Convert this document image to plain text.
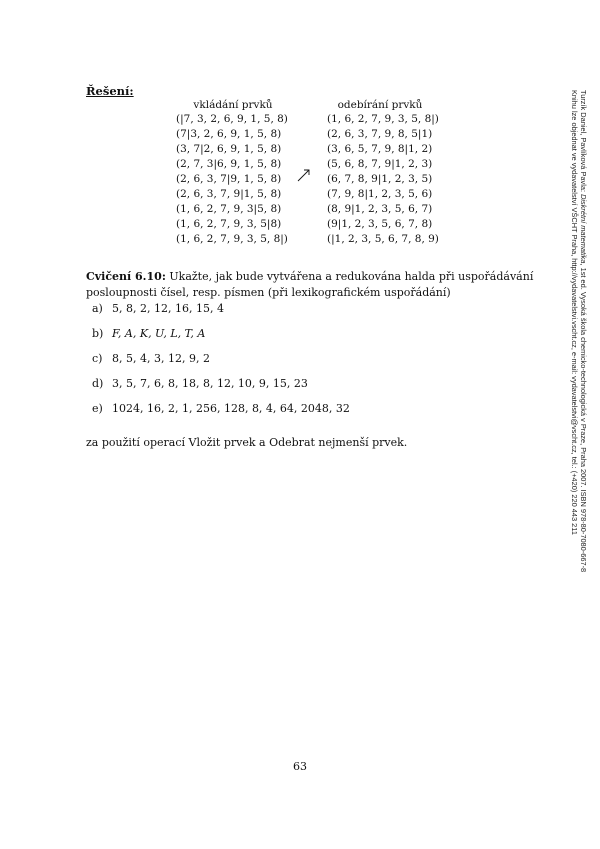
Řešení:
vkládání prvků	odebírání prvků
(|7, 3, 2, 6, 9, 1, 5, 8)
(7|3, 2, 6, 9, 1, 5, 8)
(3, 7|2, 6, 9, 1, 5, 8)
(2, 7, 3|6, 9, 1, 5, 8)
(2, 6, 3, 7|9, 1, 5, 8)
(2, 6, 3, 7, 9|1, 5, 8)
(1, 6, 2, 7, 9, 3|5, 8)
(1, 6, 2, 7, 9, 3, 5|8)
(1, 6, 2, 7, 9, 3, 5, 8|)
(1, 6, 2, 7, 9, 3, 5, 8|)
(2, 6, 3, 7, 9, 8, 5|1)
(3, 6, 5, 7, 9, 8|1, 2)
(5, 6, 8, 7, 9|1, 2, 3)
(6, 7, 8, 9|1, 2, 3, 5)
(7, 9, 8|1, 2, 3, 5, 6)
(8, 9|1, 2, 3, 5, 6, 7)
(9|1, 2, 3, 5, 6, 7, 8)
(|1, 2, 3, 5, 6, 7, 8, 9)
Cvičení 6.10: Ukažte, jak bude vytvářena a redukována halda při uspořádávání posloupnosti čísel, resp. písmen (při lexikografickém uspořádání)
a) 5, 8, 2, 12, 16, 15, 4
b) F, A, K, U, L, T, A
c) 8, 5, 4, 3, 12, 9, 2
d) 3, 5, 7, 6, 8, 18, 8, 12, 10, 9, 15, 23
e) 1024, 16, 2, 1, 256, 128, 8, 4, 64, 2048, 32
za použití operací Vložit prvek a Odebrat nejmenší prvek.
63
Turzík Daniel, Pavlíková Pavla: Diskrétní matematika, 1st ed. Vysoká škola chemicko-technologická v Praze, Praha 2007. ISBN 978-80-7080-667-8
Knihu lze objednat ve vydavatelství VŠCHT Praha, http://vydavatelstvi.vscht.cz, e-mail: vydavatelstvi@vscht.cz, tel.: (+420) 220 443 211
